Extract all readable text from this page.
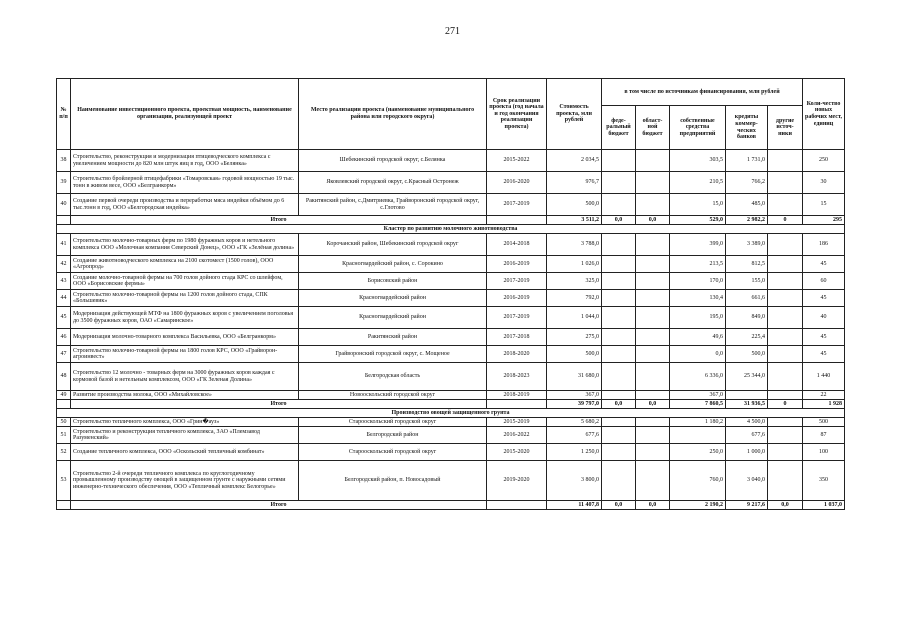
271
№ п/п	Наименование инвестиционного проекта, проектная мощность, наименование организации, реализующей проект	Место реализации проекта (наименование муниципального района или городского округа)	Срок реализации проекта (год начала и год окончания реализации проекта)	Стоимость проекта, млн рублей	в том числе по источникам финансирования, млн рублей					Коли-чество новых рабочих мест, единиц
					феде-ральный бюджет	област-ной бюджет	собственные средства предприятий	кредиты коммер-ческих банков	другие источ-ники	
38	Строительство, реконструкция и модернизация птицеводческого комплекса с увеличением мощности до 820 млн штук яиц в год, ООО «Белянка»	Шебекинский городской округ, с.Белянка	2015-2022	2 034,5			303,5	1 731,0		250
39	Строительство бройлерной птицефабрики «Томаровская» годовой мощностью 19 тыс. тонн в живом весе, ООО «Белгранкорм»	Яковлевский городской округ, с.Красный Остронеж	2016-2020	976,7			210,5	766,2		30
40	Создание первой очереди производства и переработки мяса индейки объёмом до 6 тыс.тонн в год, ООО «Белгородская индейка»	Ракитянский район, с.Дмитриевка, Грайворонский городской округ, с.Глотово	2017-2019	500,0			15,0	485,0		15
	Итого			3 511,2	0,0	0,0	529,0	2 982,2	0	295
Кластер по развитию молочного животноводства										
41	Строительство молочно-товарных ферм по 1980 фуражных коров и нетельного комплекса ООО «Молочная компания Северский Донец», ООО «ГК «Зелёная долина»	Корочанский район, Шебекинский городской округ	2014-2018	3 788,0			399,0	3 389,0		186
42	Создание животноводческого комплекса на 2100 скотомест (1500 голов), ООО «Агропрод»	Красногвардейский район, с. Сорокино	2016-2019	1 026,0			213,5	812,5		45
43	Создание молочно-товарной фермы на 700 голов дойного стада КРС со шлейфом, ООО «Борисовские фермы»	Борисовский район	2017-2019	325,0			170,0	155,0		60
44	Строительство молочно-товарной фермы на 1200 голов дойного стада, СПК «Большевик»	Красногвардейский район	2016-2019	792,0			130,4	661,6		45
45	Модернизация действующей МТФ на 1800 фуражных коров с увеличением поголовья до 3500 фуражных коров, ОАО «Самаринское»	Красногвардейский район	2017-2019	1 044,0			195,0	849,0		40
46	Модернизация молочно-товарного комплекса Васильевка, ООО «Белгранкорм»	Ракитянский район	2017-2018	275,0			49,6	225,4		45
47	Строительство молочно-товарной фермы на 1800 голов КРС, ООО «Грайворон- агроинвест»	Грайворонский городской округ, с. Мощеное	2018-2020	500,0			0,0	500,0		45
48	Строительство 12 молочно - товарных ферм на 3000 фуражных коров каждая с кормовой базой и нетельным комплексом, ООО «ГК Зеленая Долина»	Белгородская область	2018-2023	31 680,0			6 336,0	25 344,0		1 440
49	Развитие производства молока, ООО «Михайловское»	Новооскольский городской округ	2018-2019	367,0			367,0			22
	Итого			39 797,0	0,0	0,0	7 860,5	31 936,5	0	1 928
Производство овощей защищенного грунта										
50	Строительство тепличного комплекса, ООО «Грин�ауз»	Старооскольский городской округ	2015-2019	5 680,2			1 180,2	4 500,0		500
51	Строительство и реконструкция тепличного комплекса, ЗАО «Племзавод Разуменский»	Белгородский район	2016-2022	677,6				677,6		87
52	Создание тепличного комплекса, ООО «Оскольский тепличный комбинат»	Старооскольский городской округ	2015-2020	1 250,0			250,0	1 000,0		100
53	Строительство 2-й очереди тепличного комплекса по круглогодичному промышленному производству овощей в защищенном грунте с наружными сетями инженерно-технического обеспечения, ООО «Тепличный комплекс Белогорье»	Белгородский район, п. Новосадовый	2019-2020	3 800,0			760,0	3 040,0		350
	Итого			11 407,8	0,0	0,0	2 190,2	9 217,6	0,0	1 037,0
